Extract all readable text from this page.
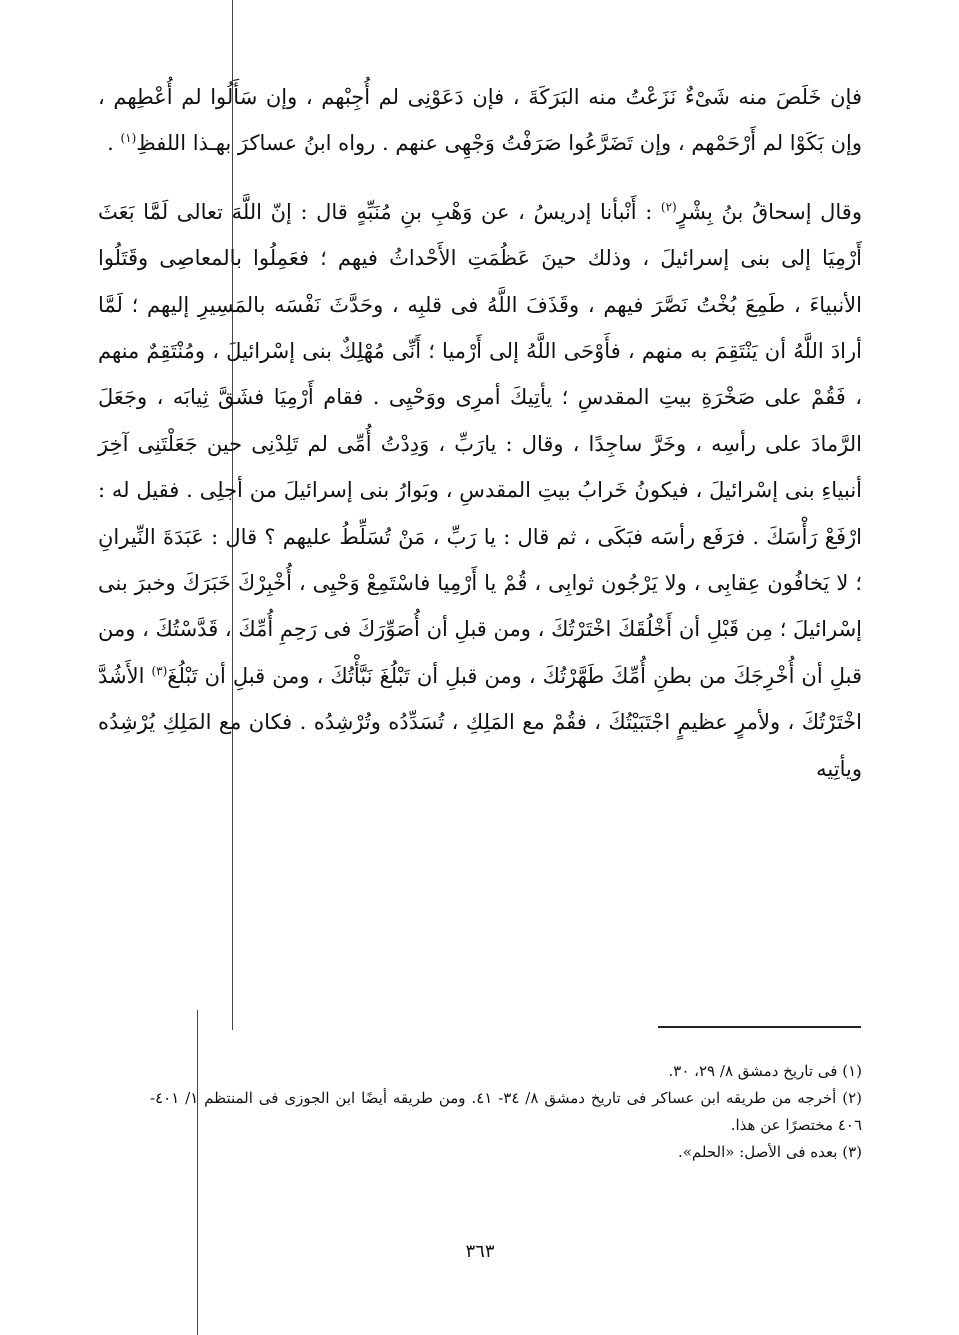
فإن خَلَصَ منه شَىْءٌ نَزَعْتُ منه البَرَكَةَ ، فإن دَعَوْنِى لم أُجِبْهم ، وإن سَأَلُوا لم أُعْطِهم ، وإن بَكَوْا لم أَرْحَمْهم ، وإن تَضَرَّعُوا صَرَفْتُ وَجْهِى عنهم . رواه ابنُ عساكرَ بهـذا اللفظِ$^{(١)}$ .

وقال إسحاقُ بنُ بِشْرٍ$^{(٢)}$ : أَنْبأنا إدريسُ ، عن وَهْبِ بنِ مُنَبِّهٍ قال : إنّ اللَّهَ تعالى لَمَّا بَعَثَ أَرْمِيَا إلى بنى إسرائيلَ ، وذلك حينَ عَظُمَتِ الأَحْداثُ فيهم ؛ فعَمِلُوا بالمعاصِى وقَتَلُوا الأنبياءَ ، طَمِعَ بُخْتُ نَصَّرَ فيهم ، وقَذَفَ اللَّهُ فى قلبِه ، وحَدَّثَ نَفْسَه بالمَسِيرِ إليهم ؛ لَمَّا أرادَ اللَّهُ أن يَنْتَقِمَ به منهم ، فأَوْحَى اللَّهُ إلى أَرْميا ؛ أَنِّى مُهْلِكٌ بنى إسْرائيلَ ، ومُنْتَقِمٌ منهم ، فَقُمْ على صَخْرَةِ بيتِ المقدسِ ؛ يأتِيكَ أمرِى ووَحْيِى . فقام أَرْمِيَا فشَقَّ ثِيابَه ، وجَعَلَ الرَّمادَ على رأسِه ، وخَرَّ ساجِدًا ، وقال : يارَبِّ ، وَدِدْتُ أُمِّى لم تَلِدْنِى حين جَعَلْتَنِى آخِرَ أنبياءِ بنى إسْرائيلَ ، فيكونُ خَرابُ بيتِ المقدسِ ، وبَوارُ بنى إسرائيلَ من أجلِى . فقيل له : ارْفَعْ رَأْسَكَ . فرَفَع رأسَه فبَكَى ، ثم قال : يا رَبِّ ، مَنْ تُسَلِّطُ عليهم ؟ قال : عَبَدَةَ النِّيرانِ ؛ لا يَخافُون عِقابِى ، ولا يَرْجُون ثوابِى ، قُمْ يا أَرْمِيا فاسْتَمِعْ وَحْيِى ، أُخْبِرْكَ خَبَرَكَ وخبرَ بنى إسْرائيلَ ؛ مِن قَبْلِ أن أَخْلُقَكَ اخْتَرْتُكَ ، ومن قبلِ أن أُصَوِّرَكَ فى رَحِمِ أُمِّكَ ، قَدَّسْتُكَ ، ومن قبلِ أن أُخْرِجَكَ من بطنِ أُمِّكَ طَهَّرْتُكَ ، ومن قبلِ أن تَبْلُغَ نَبَّأْتُكَ ، ومن قبلِ أن تَبْلُغَ$^{(٣)}$ الأَشُدَّ اخْتَرْتُكَ ، ولأمرٍ عظيمٍ اجْتَبَيْتُكَ ، فقُمْ مع المَلِكِ ، تُسَدِّدُه وتُرْشِدُه . فكان مع المَلِكِ يُرْشِدُه ويأتِيه

(١) فى تاريخ دمشق ٨/ ٢٩، ٣٠.

(٢) أخرجه من طريقه ابن عساكر فى تاريخ دمشق ٨/ ٣٤- ٤١. ومن طريقه أيضًا ابن الجوزى فى المنتظم ١/ ٤٠١- ٤٠٦ مختصرًا عن هذا.

(٣) بعده فى الأصل: «الحلم».

٣٦٣
